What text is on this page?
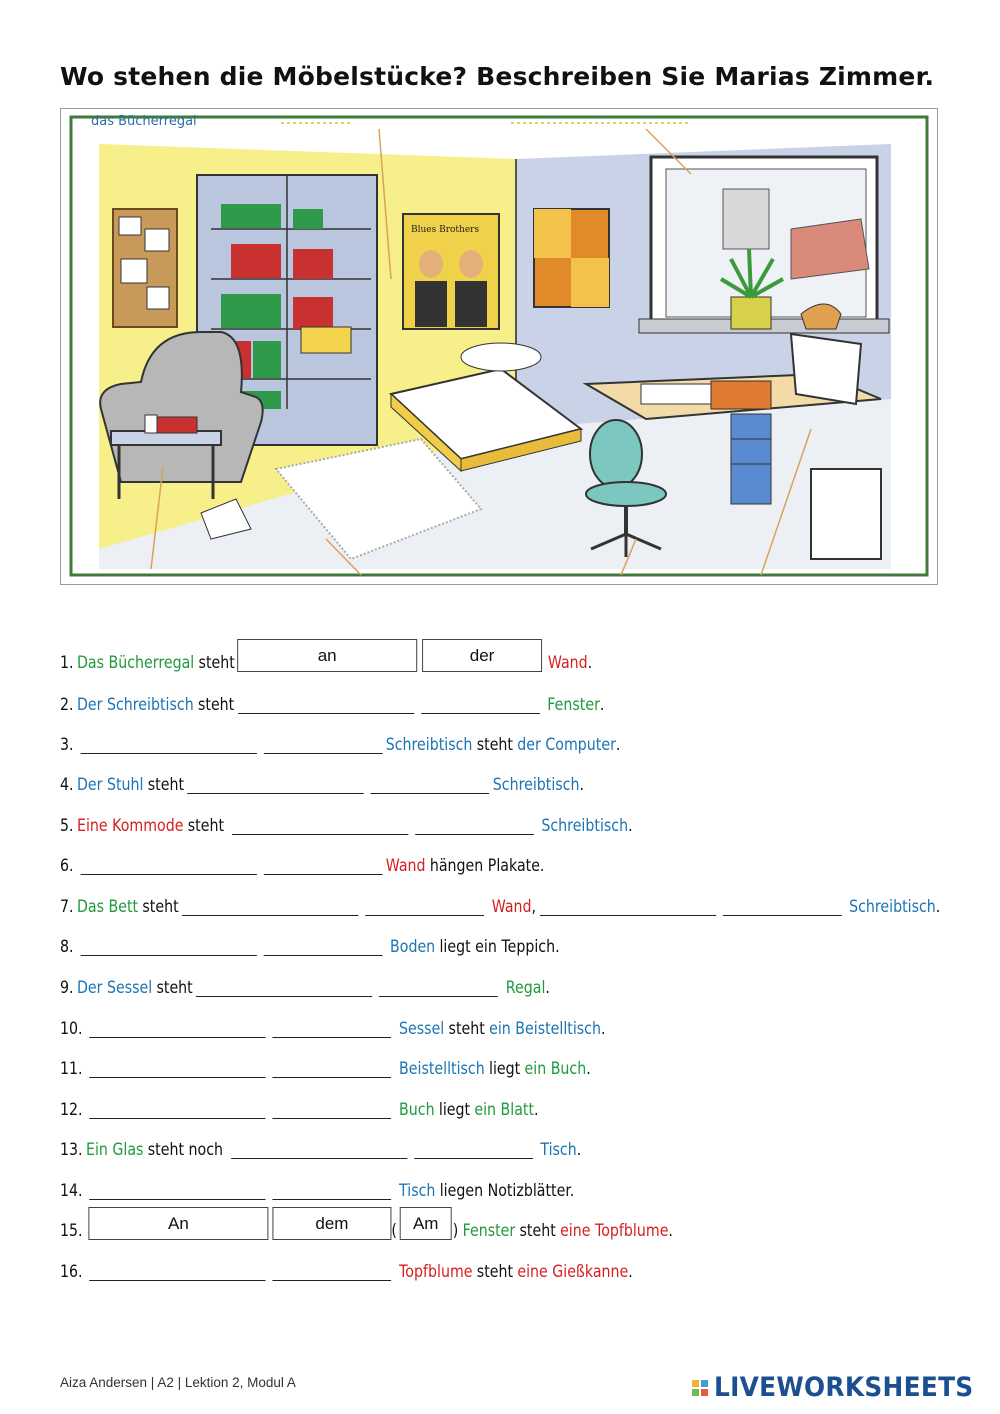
Wo stehen die Möbelstücke? Beschreiben Sie Marias Zimmer.
das Bücherregal
Blues Brothers
1. Das Bücherregal steht	an	der	Wand .
2. Der Schreibtisch steht	Fenster .
3.	Schreibtisch steht der Computer .
4. Der Stuhl steht	Schreibtisch .
5. Eine Kommode steht	Schreibtisch .
6.	Wand hängen Plakate.
7. Das Bett steht	Wand ,	Schreibtisch .
8.	Boden liegt ein Teppich.
9. Der Sessel steht	Regal .
10.	Sessel steht ein Beistelltisch .
11.	Beistelltisch liegt ein Buch .
12.	Buch liegt ein Blatt .
13. Ein Glas steht noch	Tisch .
14.	Tisch liegen Notizblätter.
15.	An	dem	( Am ) Fenster steht eine Topfblume .
16.	Topfblume steht eine Gießkanne .
Aiza Andersen | A2 | Lektion 2, Modul A	LIVEWORKSHEETS
